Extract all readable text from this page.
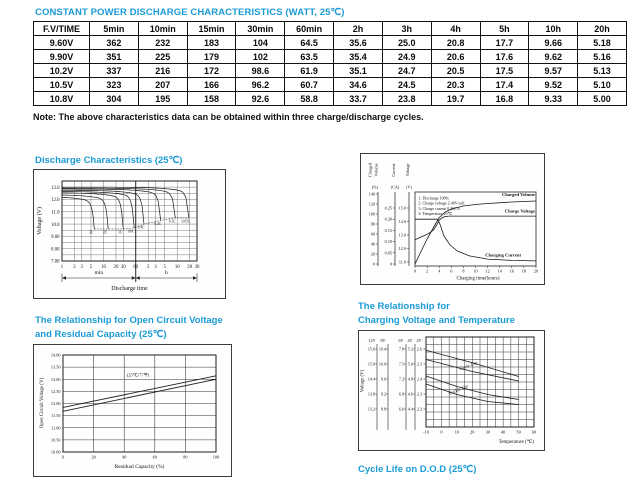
CONSTANT POWER DISCHARGE CHARACTERISTICS (WATT, 25℃)
F.V/TIME	5min	10min	15min	30min	60min	2h	3h	4h	5h	10h	20h
9.60V	362	232	183	104	64.5	35.6	25.0	20.8	17.7	9.66	5.18
9.90V	351	225	179	102	63.5	35.4	24.9	20.6	17.6	9.62	5.16
10.2V	337	216	172	98.6	61.9	35.1	24.7	20.5	17.5	9.57	5.13
10.5V	323	207	166	96.2	60.7	34.6	24.5	20.3	17.4	9.52	5.10
10.8V	304	195	158	92.6	58.8	33.7	23.8	19.7	16.8	9.33	5.00
Note: The above characteristics data can be obtained within three charge/discharge cycles.
Discharge Characteristics (25℃)
13.0
12.0
11.0
10.0
9.00
8.00
7.00
Voltage (V)
1 2 3 5 10 20 30 60 2 3 5 10 20 30
min	h
Discharge time
3C	2C	1C 0.6C
0.4C
0.2C
0.1C 0.05C
Charged Volume	Current Voltage
(%)	(CA) (V)
140
120
100
80
60
40
20
0
0.25
0.20
0.15
0.10
0.05
0
15.0
14.0
13.0
12.0
11.0
1. Discharge 100%
2. Charge voltage 2.40V/cell
3. Charge current 0.20CA
4. Temperature 25℃
0 2 4 6 8 10 12 14 16 18 20
Charging time(hours)
Charged Volume
Charge Voltage
Charging Current
The Relationship for Open Circuit Voltage
and Residual Capacity (25℃)
14.00
13.50
13.00
12.50
12.00
11.50
11.00
10.50
10.00
Open Circuit Voltage (V)
0	20	40	60	80	100
Residual Capacity (%)
(25℃/77℉)
The Relationship for
Charging Voltage and Temperature
Voltage (V)
12V
15.6
15.0
14.4
13.8
13.2
8V
10.4
10.0
9.6
9.2
8.8
6V
7.8
7.5
7.2
6.9
6.6
4V
5.2
5.0
4.8
4.6
4.4
2V
2.6
2.5
2.4
2.3
2.2
-10	0	10	20	30	40	50	60
Temperature (℃)
Cycle Use
Trickle Use
Cycle Life on D.O.D (25℃)
